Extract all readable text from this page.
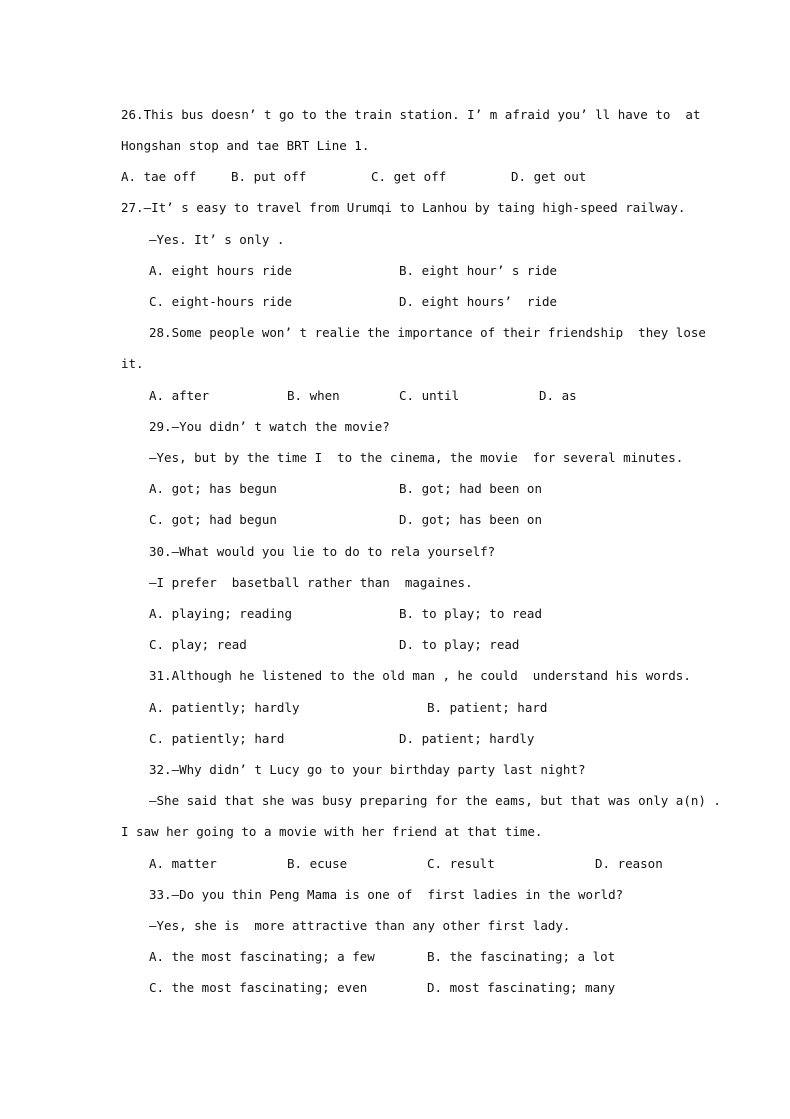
26.This bus doesn’ t go to the train station. I’ m afraid you’ ll have to  at
Hongshan stop and tae BRT Line 1.
A. tae off	B. put off	C. get off	D. get out
27.—It’ s easy to travel from Urumqi to Lanhou by taing high-speed railway.
—Yes. It’ s only .
A. eight hours ride	B. eight hour’ s ride
C. eight-hours ride	D. eight hours’  ride
28.Some people won’ t realie the importance of their friendship  they lose
it.
A. after	B. when	C. until	D. as
29.—You didn’ t watch the movie?
—Yes, but by the time I  to the cinema, the movie  for several minutes.
A. got; has begun	B. got; had been on
C. got; had begun	D. got; has been on
30.—What would you lie to do to rela yourself?
—I prefer  basetball rather than  magaines.
A. playing; reading	B. to play; to read
C. play; read	D. to play; read
31.Although he listened to the old man , he could  understand his words.
A. patiently; hardly	B. patient; hard
C. patiently; hard	D. patient; hardly
32.—Why didn’ t Lucy go to your birthday party last night?
—She said that she was busy preparing for the eams, but that was only a(n) .
I saw her going to a movie with her friend at that time.
A. matter	B. ecuse	C. result	D. reason
33.—Do you thin Peng Mama is one of  first ladies in the world?
—Yes, she is  more attractive than any other first lady.
A. the most fascinating; a few	B. the fascinating; a lot
C. the most fascinating; even	D. most fascinating; many
